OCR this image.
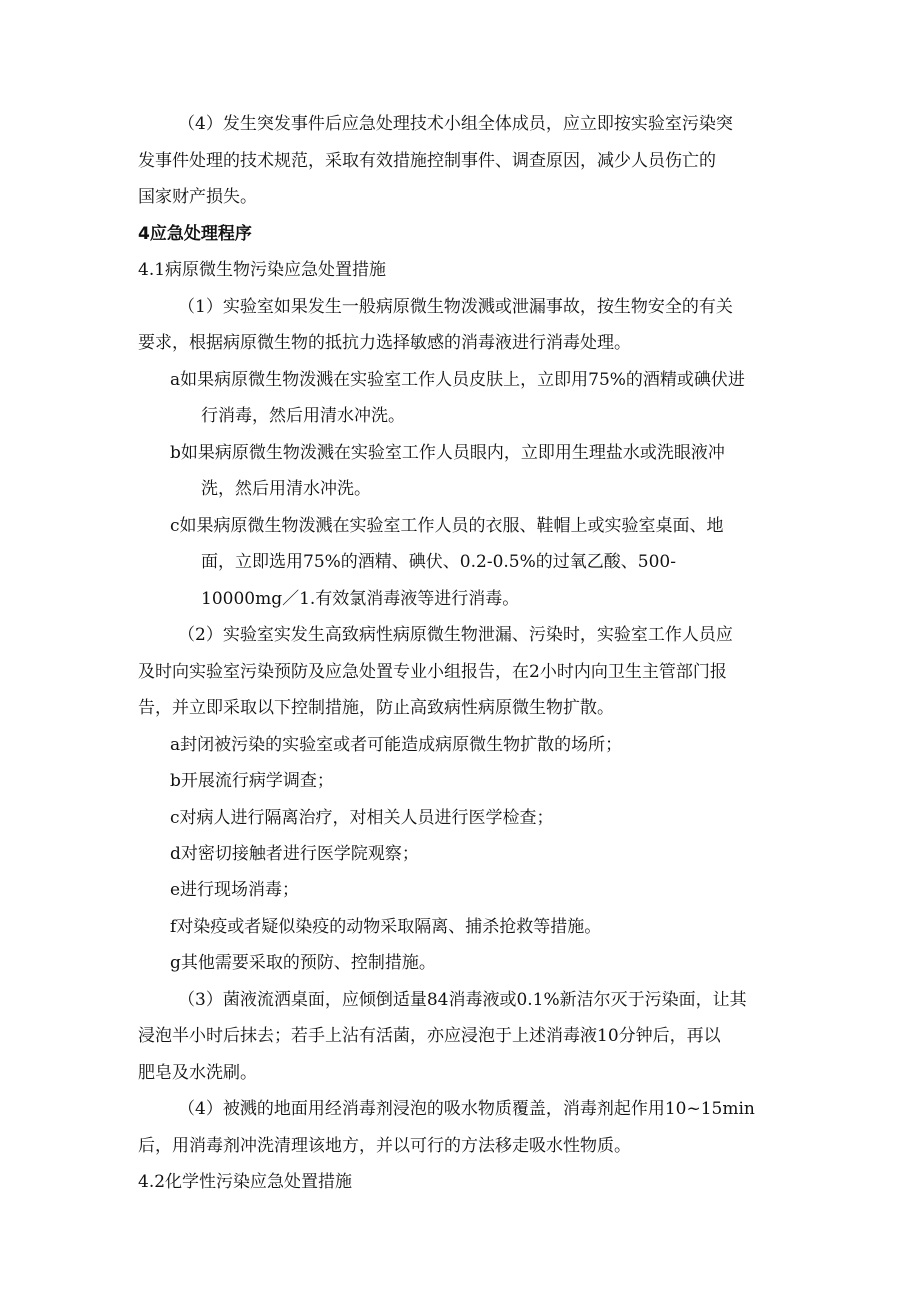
（4）发生突发事件后应急处理技术小组全体成员，应立即按实验室污染突
发事件处理的技术规范，采取有效措施控制事件、调查原因，减少人员伤亡的
国家财产损失。
4应急处理程序
4.1病原微生物污染应急处置措施
（1）实验室如果发生一般病原微生物泼溅或泄漏事故，按生物安全的有关
要求，根据病原微生物的抵抗力选择敏感的消毒液进行消毒处理。
a如果病原微生物泼溅在实验室工作人员皮肤上，立即用75%的酒精或碘伏进
行消毒，然后用清水冲洗。
b如果病原微生物泼溅在实验室工作人员眼内，立即用生理盐水或洗眼液冲
洗，然后用清水冲洗。
c如果病原微生物泼溅在实验室工作人员的衣服、鞋帽上或实验室桌面、地
面，立即选用75%的酒精、碘伏、0.2-0.5%的过氧乙酸、500-
10000mg／1.有效氯消毒液等进行消毒。
（2）实验室实发生高致病性病原微生物泄漏、污染时，实验室工作人员应
及时向实验室污染预防及应急处置专业小组报告，在2小时内向卫生主管部门报
告，并立即采取以下控制措施，防止高致病性病原微生物扩散。
a封闭被污染的实验室或者可能造成病原微生物扩散的场所；
b开展流行病学调查；
c对病人进行隔离治疗，对相关人员进行医学检查；
d对密切接触者进行医学院观察；
e进行现场消毒；
f对染疫或者疑似染疫的动物采取隔离、捕杀抢救等措施。
g其他需要采取的预防、控制措施。
（3）菌液流洒桌面，应倾倒适量84消毒液或0.1%新洁尔灭于污染面，让其
浸泡半小时后抹去；若手上沾有活菌，亦应浸泡于上述消毒液10分钟后，再以
肥皂及水洗刷。
（4）被溅的地面用经消毒剂浸泡的吸水物质覆盖，消毒剂起作用10~15min
后，用消毒剂冲洗清理该地方，并以可行的方法移走吸水性物质。
4.2化学性污染应急处置措施
